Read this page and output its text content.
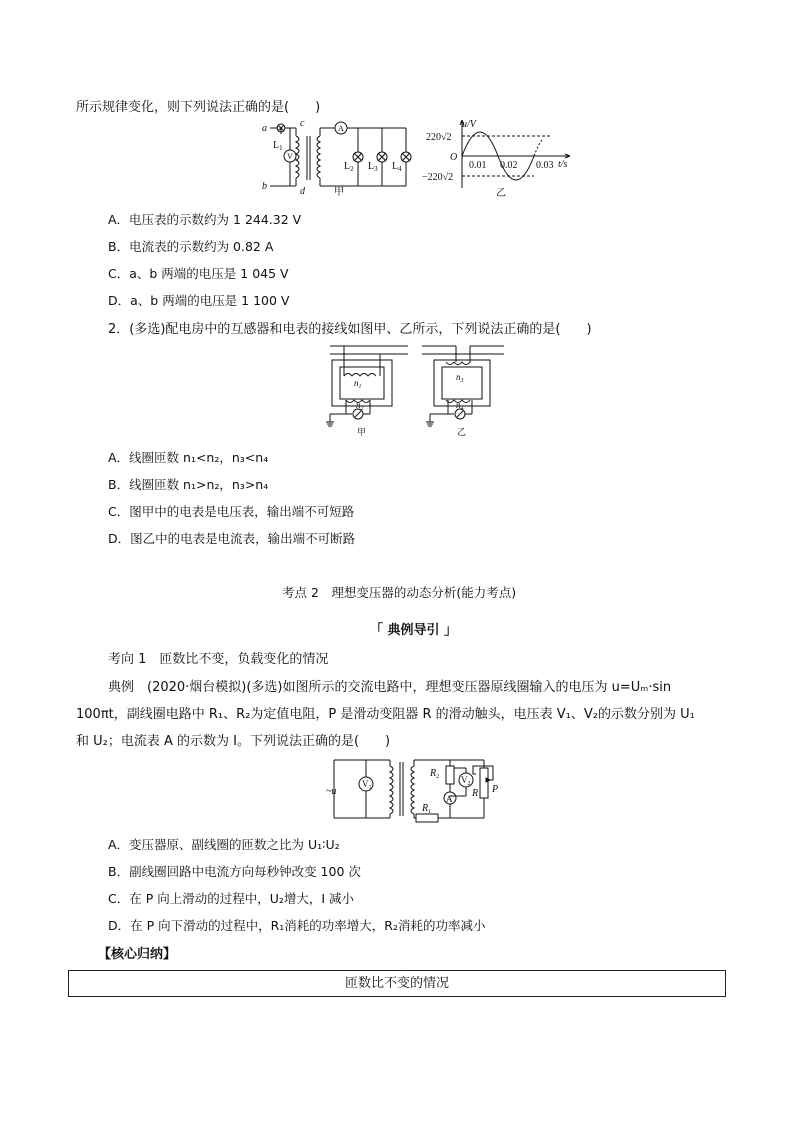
所示规律变化，则下列说法正确的是(　　)
a
b
c
d
$L_1$
V
A
$L_2$ $L_3$ $L_4$
甲
u/V
220√2
O
−220√2
0.01 0.02 0.03 t/s
乙
A．电压表的示数约为 1 244.32 V
B．电流表的示数约为 0.82 A
C．a、b 两端的电压是 1 045 V
D．a、b 两端的电压是 1 100 V
2．(多选)配电房中的互感器和电表的接线如图甲、乙所示，下列说法正确的是(　　)
$n_1$
$n_2$
$n_3$
$n_4$
甲	乙
A．线圈匝数 n₁<n₂，n₃<n₄
B．线圈匝数 n₁>n₂，n₃>n₄
C．图甲中的电表是电压表，输出端不可短路
D．图乙中的电表是电流表，输出端不可断路
考点 2　理想变压器的动态分析(能力考点)
「 典例导引 」
考向 1　匝数比不变，负载变化的情况
典例　(2020·烟台模拟)(多选)如图所示的交流电路中，理想变压器原线圈输入的电压为 u=Uₘ·sin
100πt，副线圈电路中 R₁、R₂为定值电阻，P 是滑动变阻器 R 的滑动触头，电压表 V₁、V₂的示数分别为 U₁
和 U₂；电流表 A 的示数为 I。下列说法正确的是(　　)
~u
$V_1$
$V_2$
$R_1$
$R_2$
A R P
A．变压器原、副线圈的匝数之比为 U₁∶U₂
B．副线圈回路中电流方向每秒钟改变 100 次
C．在 P 向上滑动的过程中，U₂增大，I 减小
D．在 P 向下滑动的过程中，R₁消耗的功率增大，R₂消耗的功率减小
【核心归纳】
匝数比不变的情况
